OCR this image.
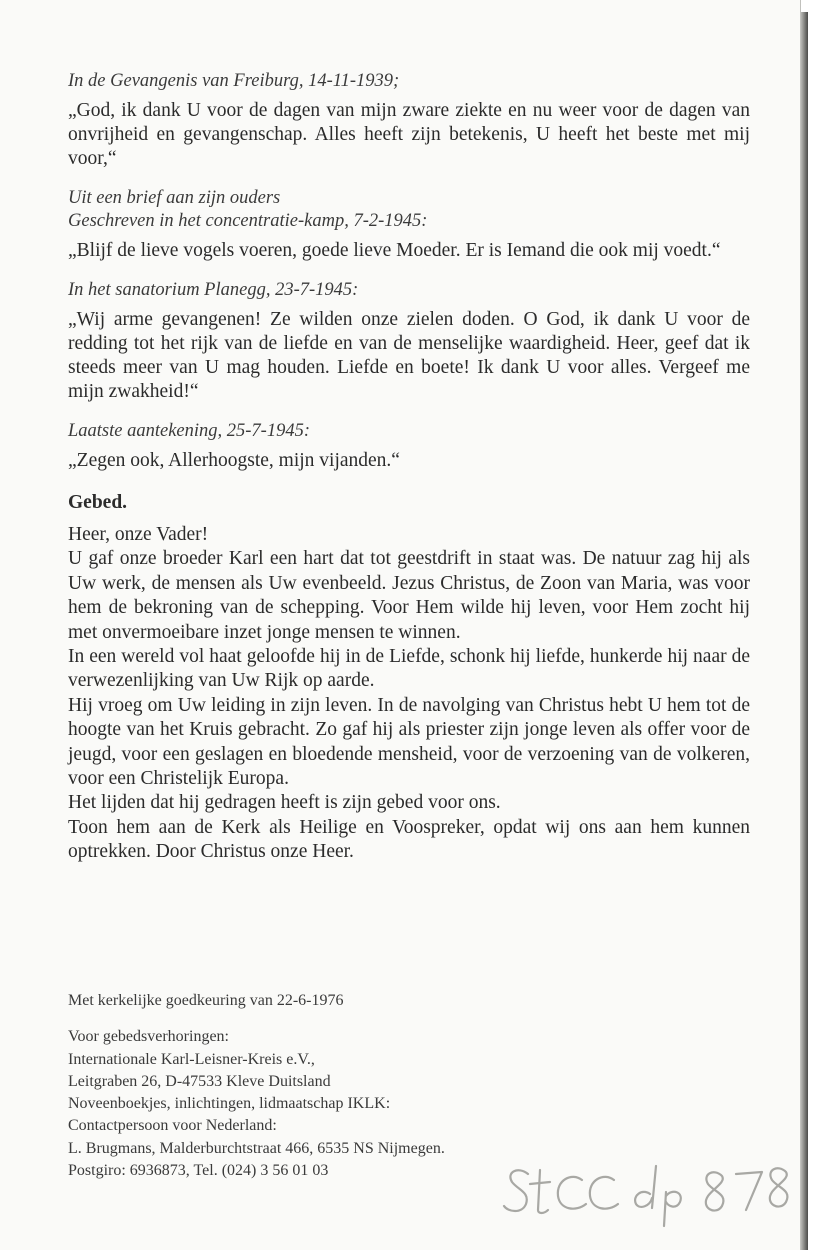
In de Gevangenis van Freiburg, 14-11-1939;

„God, ik dank U voor de dagen van mijn zware ziekte en nu weer voor de dagen van onvrijheid en gevangenschap. Alles heeft zijn betekenis, U heeft het beste met mij voor,“

Uit een brief aan zijn ouders

Geschreven in het concentratie-kamp, 7-2-1945:

„Blijf de lieve vogels voeren, goede lieve Moeder. Er is Iemand die ook mij voedt.“

In het sanatorium Planegg, 23-7-1945:

„Wij arme gevangenen! Ze wilden onze zielen doden. O God, ik dank U voor de redding tot het rijk van de liefde en van de menselijke waardigheid. Heer, geef dat ik steeds meer van U mag houden. Liefde en boete! Ik dank U voor alles. Vergeef me mijn zwakheid!“

Laatste aantekening, 25-7-1945:

„Zegen ook, Allerhoogste, mijn vijanden.“

Gebed.

Heer, onze Vader!

U gaf onze broeder Karl een hart dat tot geestdrift in staat was. De natuur zag hij als Uw werk, de mensen als Uw evenbeeld. Jezus Christus, de Zoon van Maria, was voor hem de bekroning van de schepping. Voor Hem wilde hij leven, voor Hem zocht hij met onvermoeibare inzet jonge mensen te winnen.

In een wereld vol haat geloofde hij in de Liefde, schonk hij liefde, hunkerde hij naar de verwezenlijking van Uw Rijk op aarde.

Hij vroeg om Uw leiding in zijn leven. In de navolging van Christus hebt U hem tot de hoogte van het Kruis gebracht. Zo gaf hij als priester zijn jonge leven als offer voor de jeugd, voor een geslagen en bloedende mensheid, voor de verzoening van de volkeren, voor een Christelijk Europa.

Het lijden dat hij gedragen heeft is zijn gebed voor ons.

Toon hem aan de Kerk als Heilige en Voospreker, opdat wij ons aan hem kunnen optrekken. Door Christus onze Heer.

Met kerkelijke goedkeuring van 22-6-1976

Voor gebedsverhoringen:

Internationale Karl-Leisner-Kreis e.V.,

Leitgraben 26, D-47533 Kleve Duitsland

Noveenboekjes, inlichtingen, lidmaatschap IKLK:

Contactpersoon voor Nederland:

L. Brugmans, Malderburchtstraat 466, 6535 NS Nijmegen.

Postgiro: 6936873, Tel. (024) 3 56 01 03
